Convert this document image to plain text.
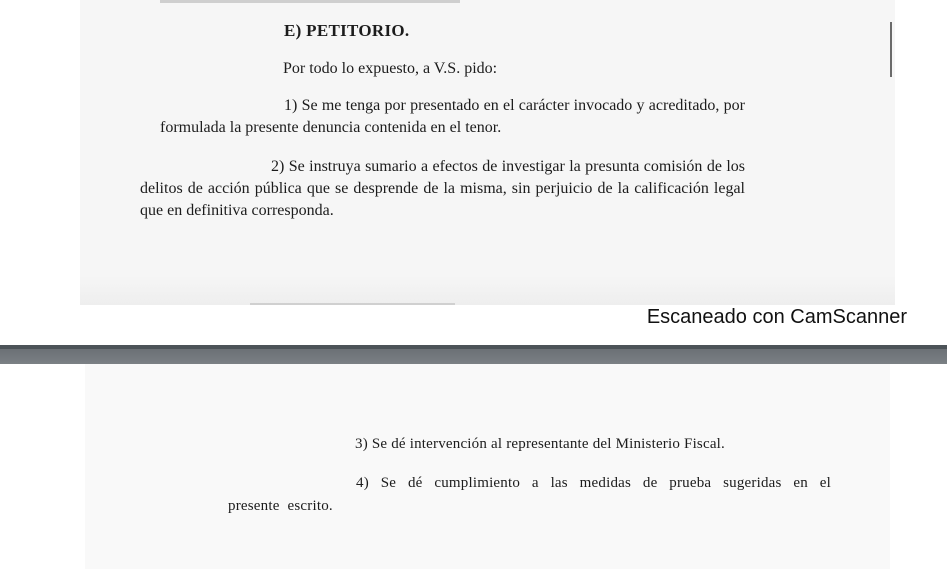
E) PETITORIO.
Por todo lo expuesto, a V.S. pido:
1) Se me tenga por presentado en el carácter invocado y acreditado, por formulada la presente denuncia contenida en el tenor.
2) Se instruya sumario a efectos de investigar la presunta comisión de los delitos de acción pública que se desprende de la misma, sin perjuicio de la calificación legal que en definitiva corresponda.
Escaneado con CamScanner
3) Se dé intervención al representante del Ministerio Fiscal.
4) Se dé cumplimiento a las medidas de prueba sugeridas en el presente escrito.
